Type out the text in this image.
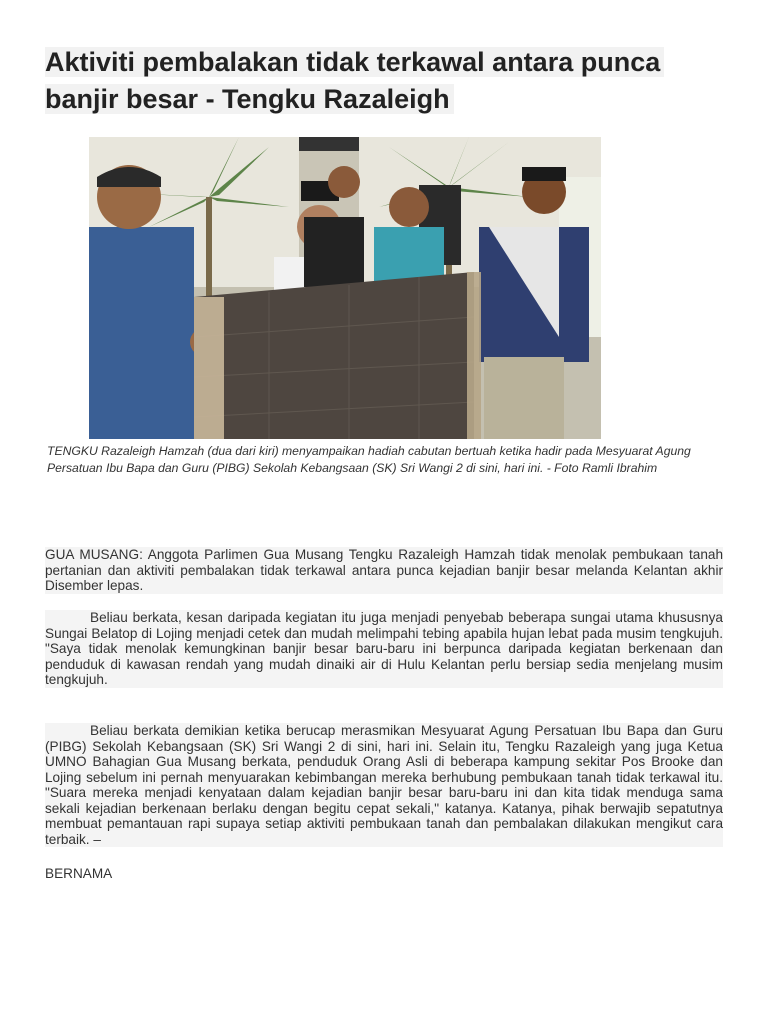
Aktiviti pembalakan tidak terkawal antara punca
banjir besar - Tengku Razaleigh
TENGKU Razaleigh Hamzah (dua dari kiri) menyampaikan hadiah cabutan bertuah ketika hadir pada Mesyuarat Agung Persatuan Ibu Bapa dan Guru (PIBG) Sekolah Kebangsaan (SK) Sri Wangi 2 di sini, hari ini. - Foto Ramli Ibrahim

GUA MUSANG: Anggota Parlimen Gua Musang Tengku Razaleigh Hamzah tidak menolak pembukaan tanah pertanian dan aktiviti pembalakan tidak terkawal antara punca kejadian banjir besar melanda Kelantan akhir Disember lepas.

Beliau berkata, kesan daripada kegiatan itu juga menjadi penyebab beberapa sungai utama khususnya Sungai Belatop di Lojing menjadi cetek dan mudah melimpahi tebing apabila hujan lebat pada musim tengkujuh. "Saya tidak menolak kemungkinan banjir besar baru-baru ini berpunca daripada kegiatan berkenaan dan penduduk di kawasan rendah yang mudah dinaiki air di Hulu Kelantan perlu bersiap sedia menjelang musim tengkujuh.

Beliau berkata demikian ketika berucap merasmikan Mesyuarat Agung Persatuan Ibu Bapa dan Guru (PIBG) Sekolah Kebangsaan (SK) Sri Wangi 2 di sini, hari ini. Selain itu, Tengku Razaleigh yang juga Ketua UMNO Bahagian Gua Musang berkata, penduduk Orang Asli di beberapa kampung sekitar Pos Brooke dan Lojing sebelum ini pernah menyuarakan kebimbangan mereka berhubung pembukaan tanah tidak terkawal itu. "Suara mereka menjadi kenyataan dalam kejadian banjir besar baru-baru ini dan kita tidak menduga sama sekali kejadian berkenaan berlaku dengan begitu cepat sekali," katanya. Katanya, pihak berwajib sepatutnya membuat pemantauan rapi supaya setiap aktiviti pembukaan tanah dan pembalakan dilakukan mengikut cara terbaik. –

BERNAMA
